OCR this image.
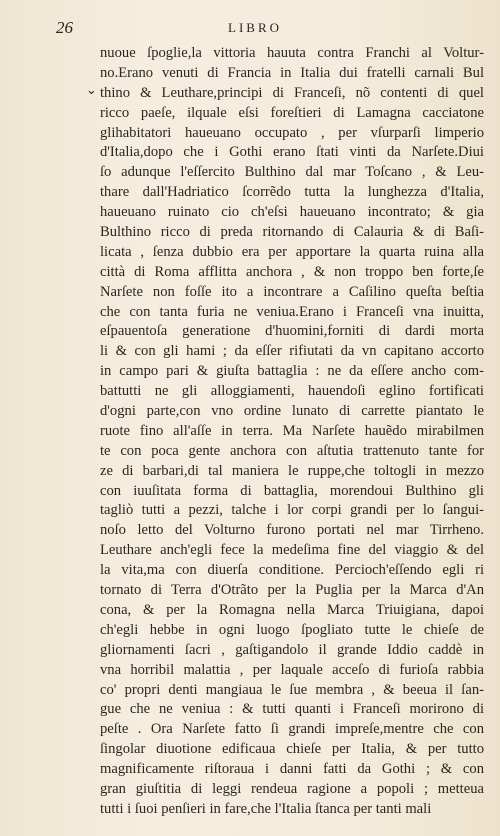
26	LIBRO
⌄
nuoue ſpoglie,la vittoria hauuta contra Franchi al Voltur-
no.Erano venuti di Francia in Italia dui fratelli carnali Bul
thino & Leuthare,principi di Franceſi, nõ contenti di quel
ricco paeſe, ilquale eſsi foreſtieri di Lamagna cacciatone
glihabitatori haueuano occupato , per vſurparſi limperio
d'Italia,dopo che i Gothi erano ſtati vinti da Narſete.Diui
ſo adunque l'eſſercito Bulthino dal mar Toſcano , & Leu-
thare dall'Hadriatico ſcorrẽdo tutta la lunghezza d'Italia,
haueuano ruinato cio ch'eſsi haueuano incontrato; & gia
Bulthino ricco di preda ritornando di Calauria & di Baſi-
licata , ſenza dubbio era per apportare la quarta ruina alla
città di Roma afflitta anchora , & non troppo ben forte,ſe
Narſete non foſſe ito a incontrare a Caſilino queſta beſtia
che con tanta furia ne veniua.Erano i Franceſi vna inuitta,
eſpauentoſa generatione d'huomini,forniti di dardi morta
li & con gli hami ; da eſſer rifiutati da vn capitano accorto
in campo pari & giuſta battaglia : ne da eſſere ancho com-
battutti ne gli alloggiamenti, hauendoſi eglino fortificati
d'ogni parte,con vno ordine lunato di carrette piantato le
ruote fino all'aſſe in terra. Ma Narſete hauẽdo mirabilmen
te con poca gente anchora con aſtutia trattenuto tante for
ze di barbari,di tal maniera le ruppe,che toltogli in mezzo
con iuuſitata forma di battaglia, morendoui Bulthino gli
tagliò tutti a pezzi, talche i lor corpi grandi per lo ſangui-
noſo letto del Volturno furono portati nel mar Tirrheno.
Leuthare anch'egli fece la medeſima fine del viaggio & del
la vita,ma con diuerſa conditione. Percioch'eſſendo egli ri
tornato di Terra d'Otrãto per la Puglia per la Marca d'An
cona, & per la Romagna nella Marca Triuigiana, dapoi
ch'egli hebbe in ogni luogo ſpogliato tutte le chieſe de
gliornamenti ſacri , gaſtigandolo il grande Iddio caddè in
vna horribil malattia , per laquale acceſo di furioſa rabbia
co' propri denti mangiaua le ſue membra , & beeua il ſan-
gue che ne veniua : & tutti quanti i Franceſi morirono di
peſte . Ora Narſete fatto ſi grandi impreſe,mentre che con
ſingolar diuotione edificaua chieſe per Italia, & per tutto
magnificamente riſtoraua i danni fatti da Gothi ; & con
gran giuſtitia di leggi rendeua ragione a popoli ; metteua
tutti i ſuoi penſieri in fare,che l'Italia ſtanca per tanti mali
